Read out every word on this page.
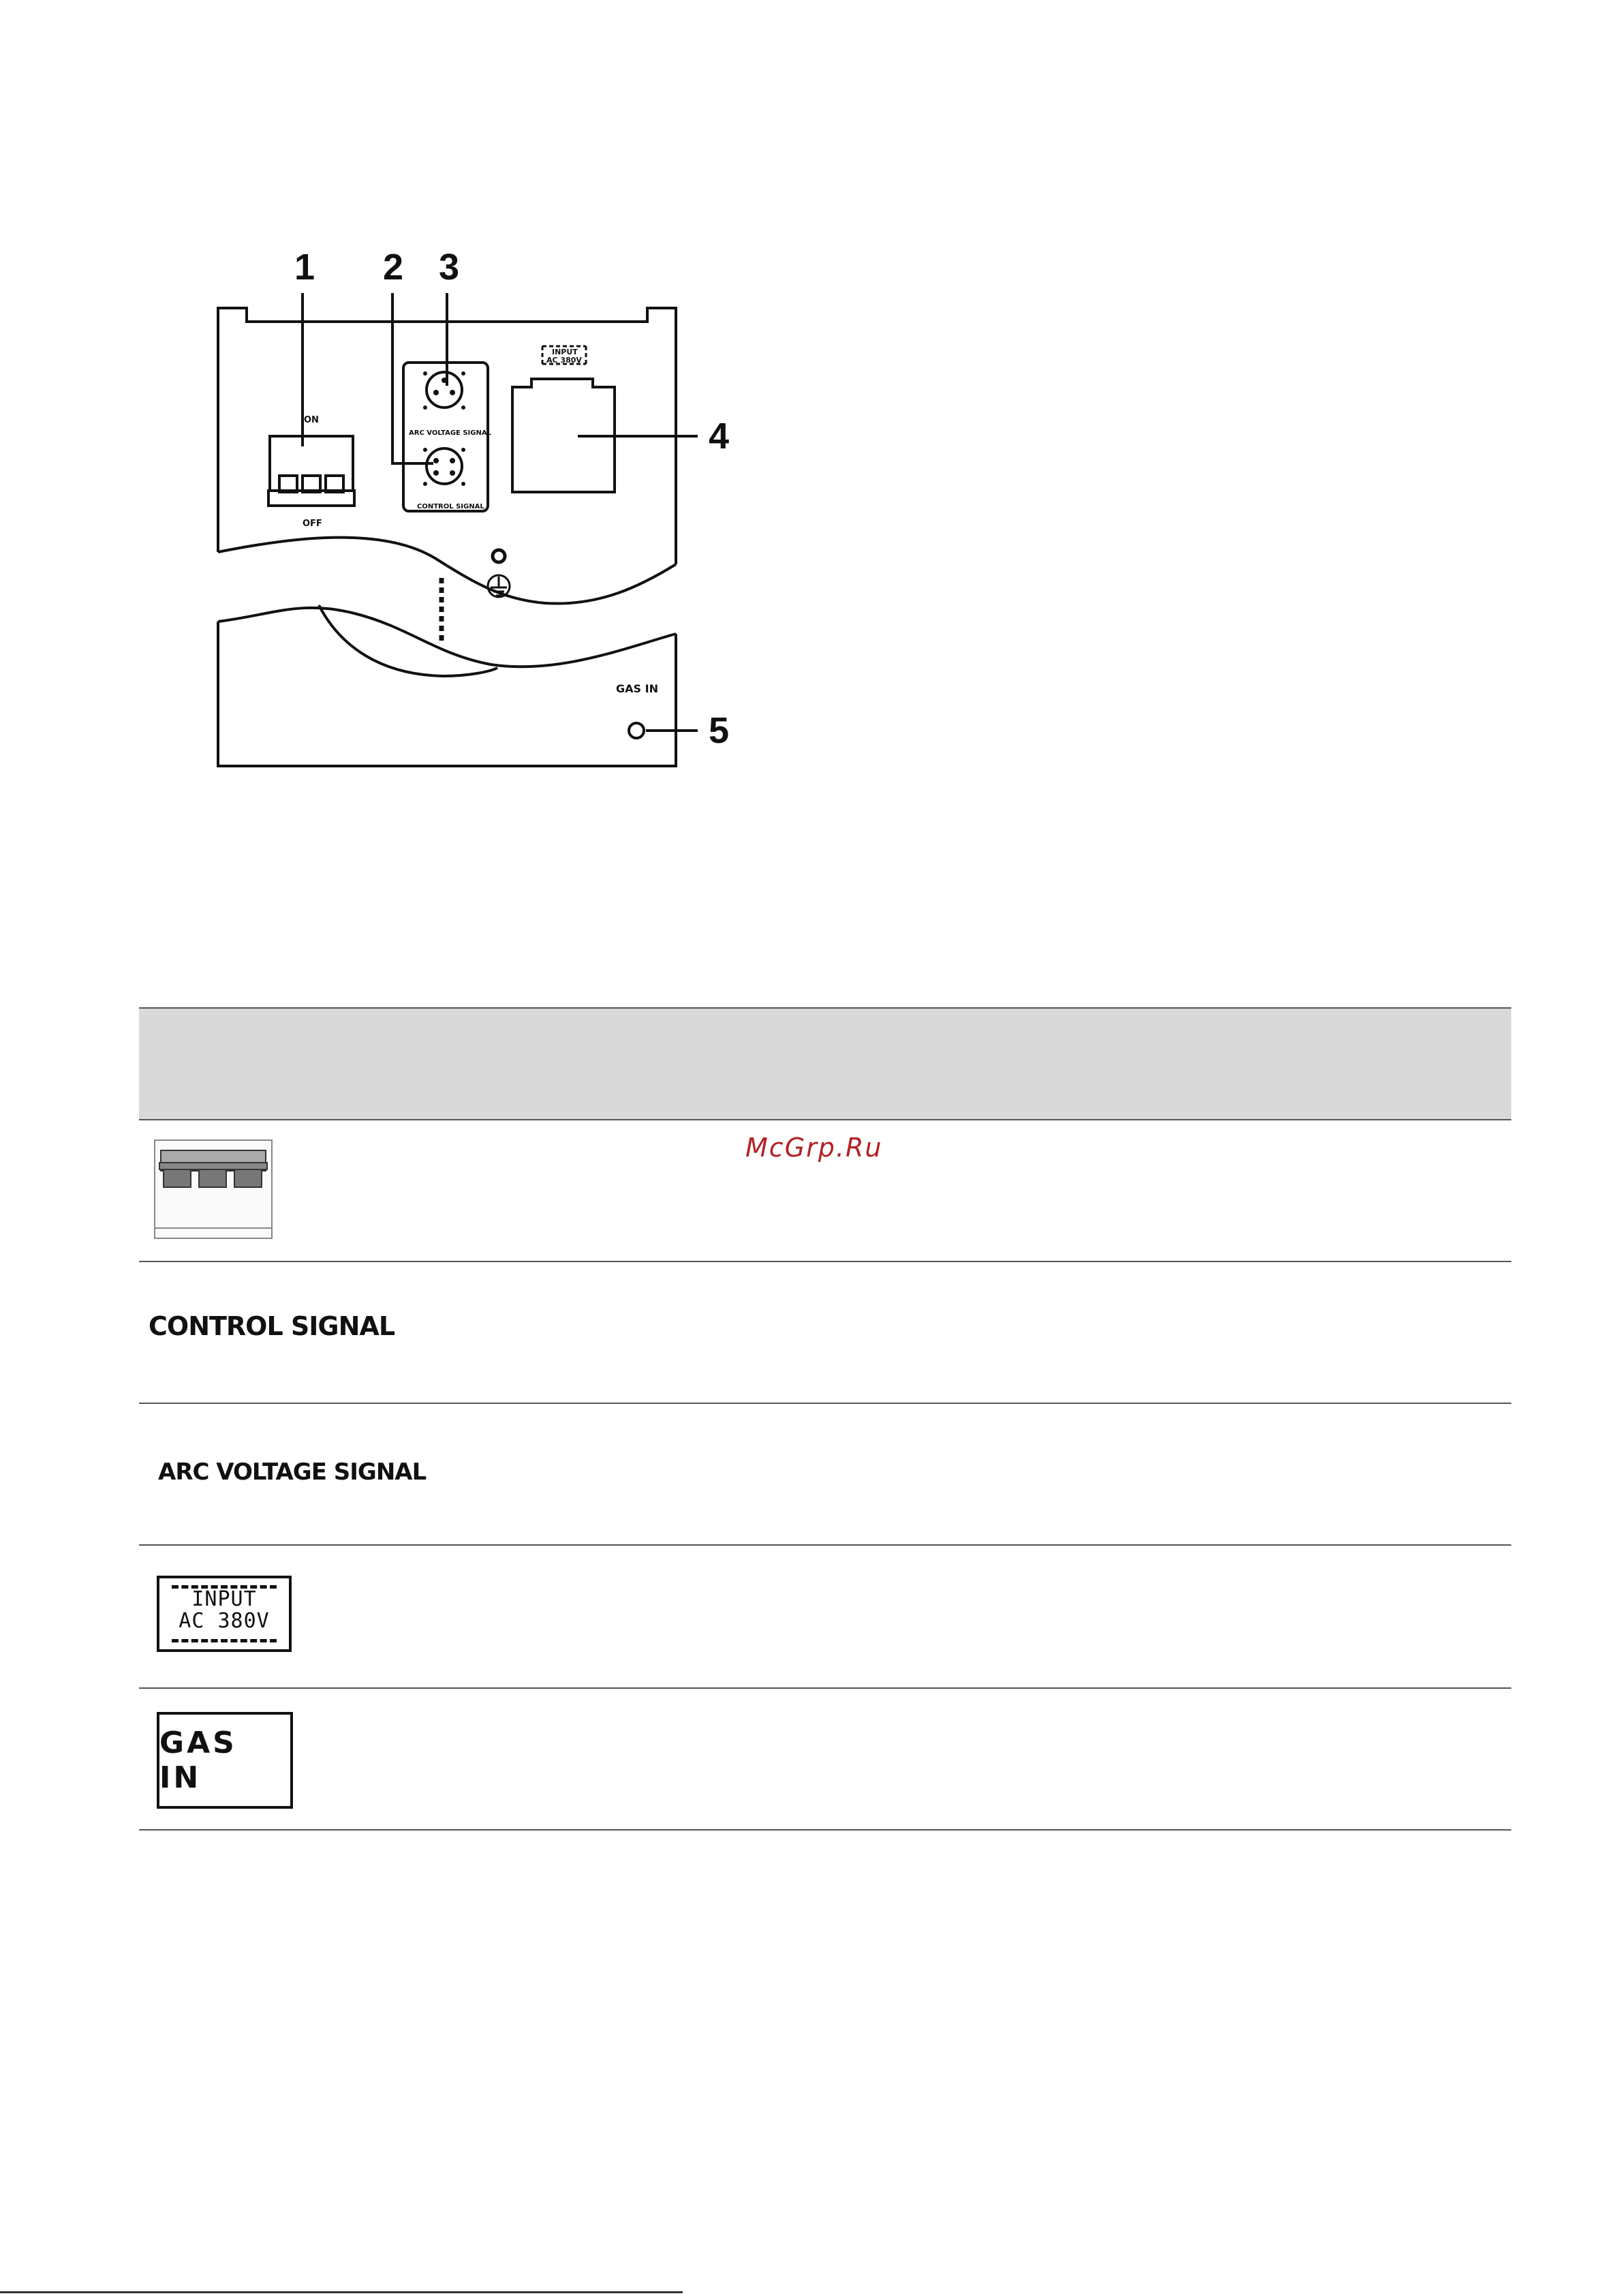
1 2 3
4
5
ON
OFF
ARC VOLTAGE SIGNAL
CONTROL SIGNAL
INPUT
AC 380V
GAS IN
McGrp.Ru
CONTROL SIGNAL
ARC VOLTAGE SIGNAL
INPUT
AC 380V
GAS IN
